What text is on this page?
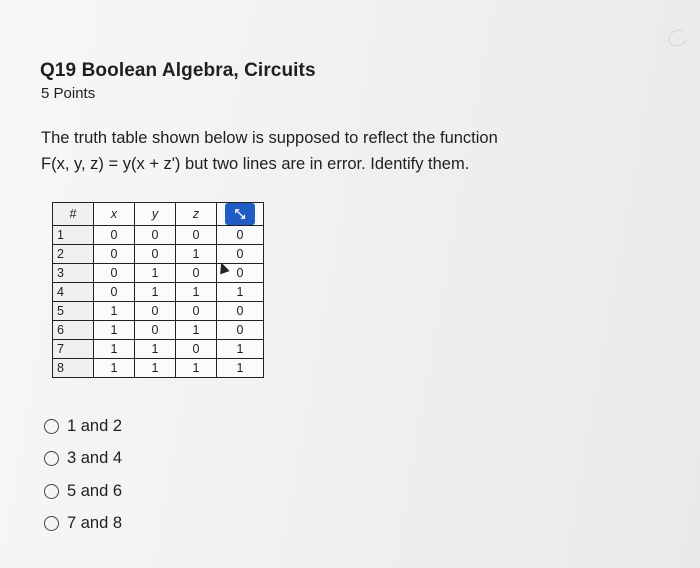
Q19 Boolean Algebra, Circuits
5 Points
The truth table shown below is supposed to reflect the function
F(x, y, z) = y(x + z') but two lines are in error. Identify them.
#	x	y	z	⤡
1	0	0	0	0
2	0	0	1	0
3	0	1	0	0
4	0	1	1	1
5	1	0	0	0
6	1	0	1	0
7	1	1	0	1
8	1	1	1	1
1 and 2
3 and 4
5 and 6
7 and 8
